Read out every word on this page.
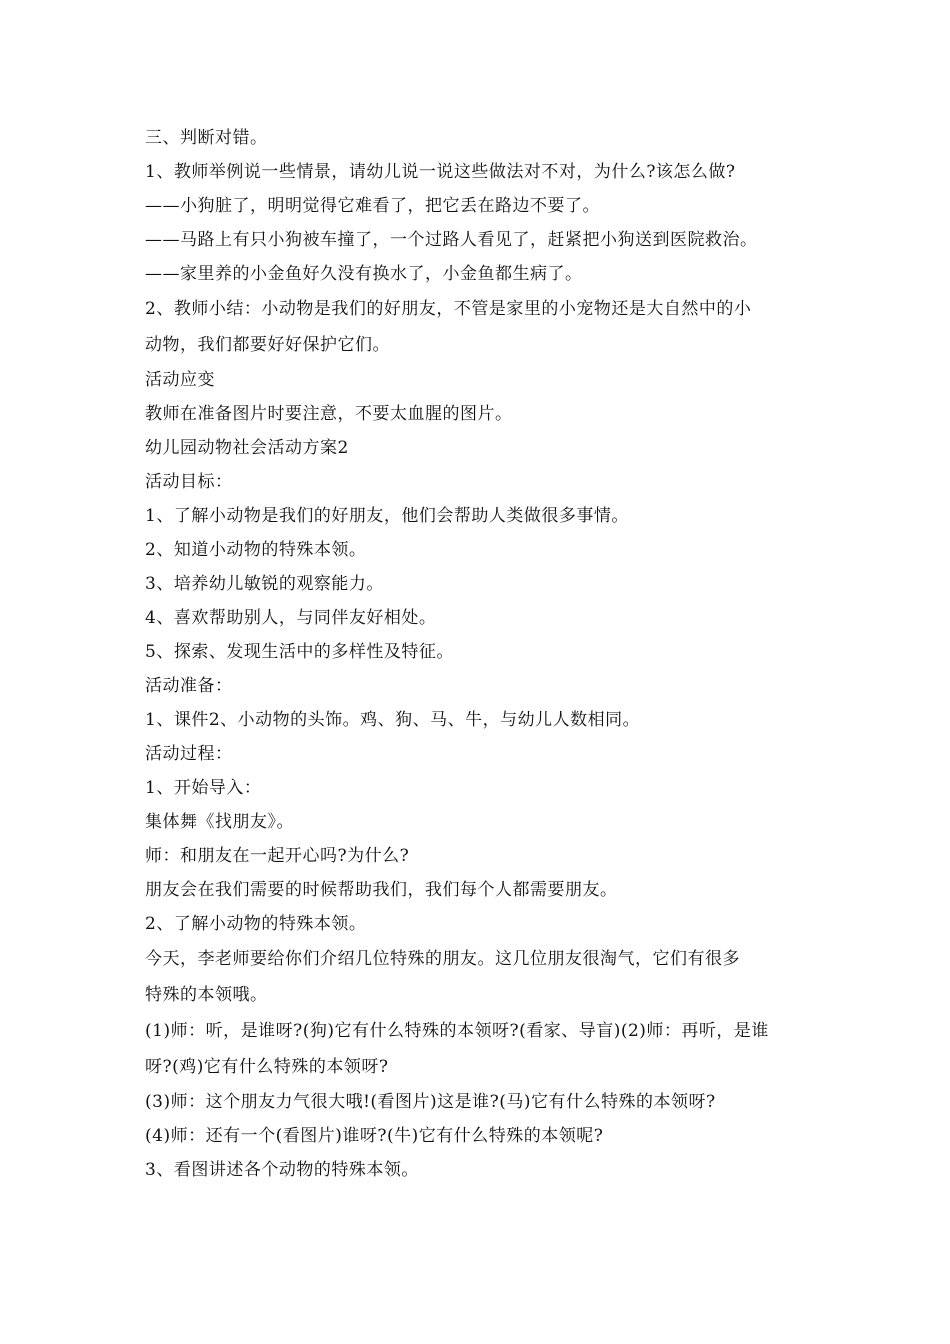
三、判断对错。
1、教师举例说一些情景，请幼儿说一说这些做法对不对，为什么?该怎么做?
——小狗脏了，明明觉得它难看了，把它丢在路边不要了。
——马路上有只小狗被车撞了，一个过路人看见了，赶紧把小狗送到医院救治。
——家里养的小金鱼好久没有换水了，小金鱼都生病了。
2、教师小结：小动物是我们的好朋友，不管是家里的小宠物还是大自然中的小
动物，我们都要好好保护它们。
活动应变
教师在准备图片时要注意，不要太血腥的图片。
幼儿园动物社会活动方案2
活动目标：
1、了解小动物是我们的好朋友，他们会帮助人类做很多事情。
2、知道小动物的特殊本领。
3、培养幼儿敏锐的观察能力。
4、喜欢帮助别人，与同伴友好相处。
5、探索、发现生活中的多样性及特征。
活动准备：
1、课件2、小动物的头饰。鸡、狗、马、牛，与幼儿人数相同。
活动过程：
1、开始导入：
集体舞《找朋友》。
师：和朋友在一起开心吗?为什么?
朋友会在我们需要的时候帮助我们，我们每个人都需要朋友。
2、了解小动物的特殊本领。
今天，李老师要给你们介绍几位特殊的朋友。这几位朋友很淘气，它们有很多
特殊的本领哦。
(1)师：听，是谁呀?(狗)它有什么特殊的本领呀?(看家、导盲)(2)师：再听，是谁
呀?(鸡)它有什么特殊的本领呀?
(3)师：这个朋友力气很大哦!(看图片)这是谁?(马)它有什么特殊的本领呀?
(4)师：还有一个(看图片)谁呀?(牛)它有什么特殊的本领呢?
3、看图讲述各个动物的特殊本领。
